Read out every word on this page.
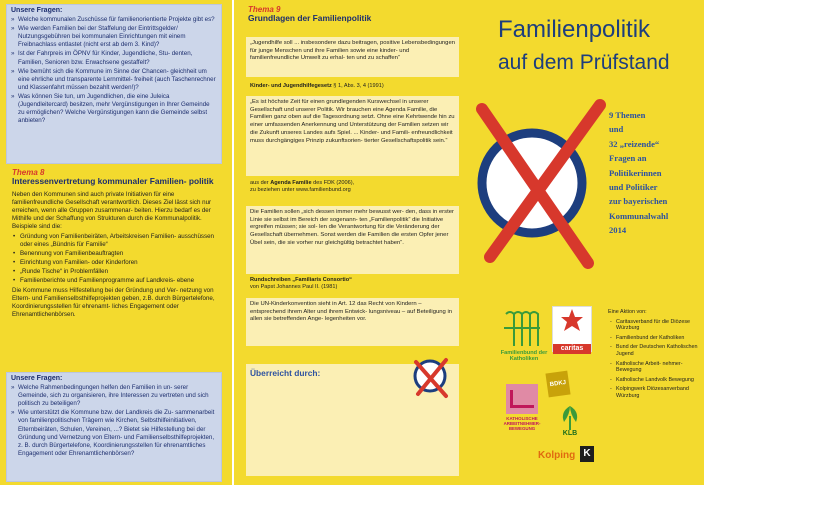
Unsere Fragen:
» Welche kommunalen Zuschüsse für familienorientierte Projekte gibt es?
» Wie werden Familien bei der Staffelung der Eintrittsgelder/ Nutzungsgebühren bei kommunalen Einrichtungen mit einem Freibnachlass entlastet (nicht erst ab dem 3. Kind)?
» Ist der Fahrpreis im ÖPNV für Kinder, Jugendliche, Stu- denten, Familien, Senioren bzw. Erwachsene gestaffelt?
» Wie bemüht sich die Kommune im Sinne der Chancen- gleichheit um eine ehrliche und transparente Lernmittel- freiheit (auch Taschenrechner und Klassenfahrt müssen bezahlt werden!)?
» Was können Sie tun, um Jugendlichen, die eine Juleica (Jugendleitercard) besitzen, mehr Vergünstigungen in Ihrer Gemeinde zu ermöglichen? Welche Vergünstigungen kann die Gemeinde selbst anbieten?
Thema 8
Interessenvertretung kommunaler Familien- politik
Neben den Kommunen sind auch private Initiativen für eine familienfreundliche Gesellschaft verantwortlich. Dieses Ziel lässt sich nur erreichen, wenn alle Gruppen zusammenar- beiten. Hierzu bedarf es der Mithilfe und der Schaffung von Strukturen durch die Kommunalpolitik. Beispiele sind die:
• Gründung von Familienbeiräten, Arbeitskreisen Familien- ausschüssen oder eines „Bündnis für Familie“
• Benennung von Familienbeauftragten
• Einrichtung von Familien- oder Kinderforen
• „Runde Tische“ in Problemfällen
• Familienberichte und Familienprogramme auf Landkreis- ebene
Die Kommune muss Hilfestellung bei der Gründung und Ver- netzung von Eltern- und Familienselbsthilfeprojekten geben, z.B. durch Bürgertelefone, Koordinierungsstellen für ehrenamt- liches Engagement oder Ehrenamtlichenbörsen.
Unsere Fragen:
» Welche Rahmenbedingungen helfen den Familien in un- serer Gemeinde, sich zu organisieren, ihre Interessen zu vertreten und sich politisch zu beteiligen?
» Wie unterstützt die Kommune bzw. der Landkreis die Zu- sammenarbeit von familienpolitischen Trägern wie Kirchen, Selbsthilfeinitiativen, Elternbeiräten, Schulen, Vereinen, ...? Bietet sie Hilfestellung bei der Gründung und Vernetzung von Eltern- und Familienselbsthilfeprojekten, z. B. durch Bürgertelefone, Koordinierungsstellen für ehrenamtliches Engagement oder Ehrenamtlichenbörsen?
Thema 9
Grundlagen der Familienpolitik
„Jugendhilfe soll ... insbesondere dazu beitragen, positive Lebensbedingungen für junge Menschen und ihre Familien sowie eine kinder- und familienfreundliche Umwelt zu erhal- ten und zu schaffen“
Kinder- und Jugendhilfegesetz § 1, Abs. 3, 4 (1991)
„Es ist höchste Zeit für einen grundlegenden Kurswechsel in unserer Gesellschaft und unserer Politik. Wir brauchen eine Agenda Familie, die Familien ganz oben auf die Tagesordnung setzt. Ohne eine Kehrtwende hin zu einer umfassenden Anerkennung und Unterstützung der Familien setzen wir die Zukunft unseres Landes aufs Spiel. ... Kinder- und Famili- enfreundlichkeit muss durchgängiges Prinzip zukunftsorien- tierter Gesellschaftspolitik sein.“
aus der Agenda Familie des FDK (2006),
zu beziehen unter www.familienbund.org
Die Familien sollen „sich dessen immer mehr bewusst wer- den, dass in erster Linie sie selbst im Bereich der sogenann- ten „Familienpolitik“ die Initiative ergreifen müssen; sie sol- len die Verantwortung für die Veränderung der Gesellschaft übernehmen. Sonst werden die Familien die ersten Opfer jener Übel sein, die sie vorher nur gleichgültig betrachtet haben“.
Rundschreiben „Familiaris Consortio“
von Papst Johannes Paul II. (1981)
Die UN-Kinderkonvention sieht in Art. 12 das Recht von Kindern – entsprechend ihrem Alter und ihrem Entwick- lungsniveau – auf Beteiligung in allen sie betreffenden Ange- legenheiten vor.
Überreicht durch:
Familienpolitik
auf dem Prüfstand
9 Themen
und
32 „reizende“
Fragen an
Politikerinnen
und Politiker
zur bayerischen
Kommunalwahl
2014
Familienbund der Katholiken
caritas
BDKJ
KATHOLISCHE ARBEITNEHMER- BEWEGUNG
KLB
Kolping K
Eine Aktion von:
- Caritasverband für die Diözese Würzburg
- Familienbund der Katholiken
- Bund der Deutschen Katholischen Jugend
- Katholische Arbeit- nehmer-Bewegung
- Katholische Landvolk Bewegung
- Kolpingwerk Diözesanverband Würzburg
